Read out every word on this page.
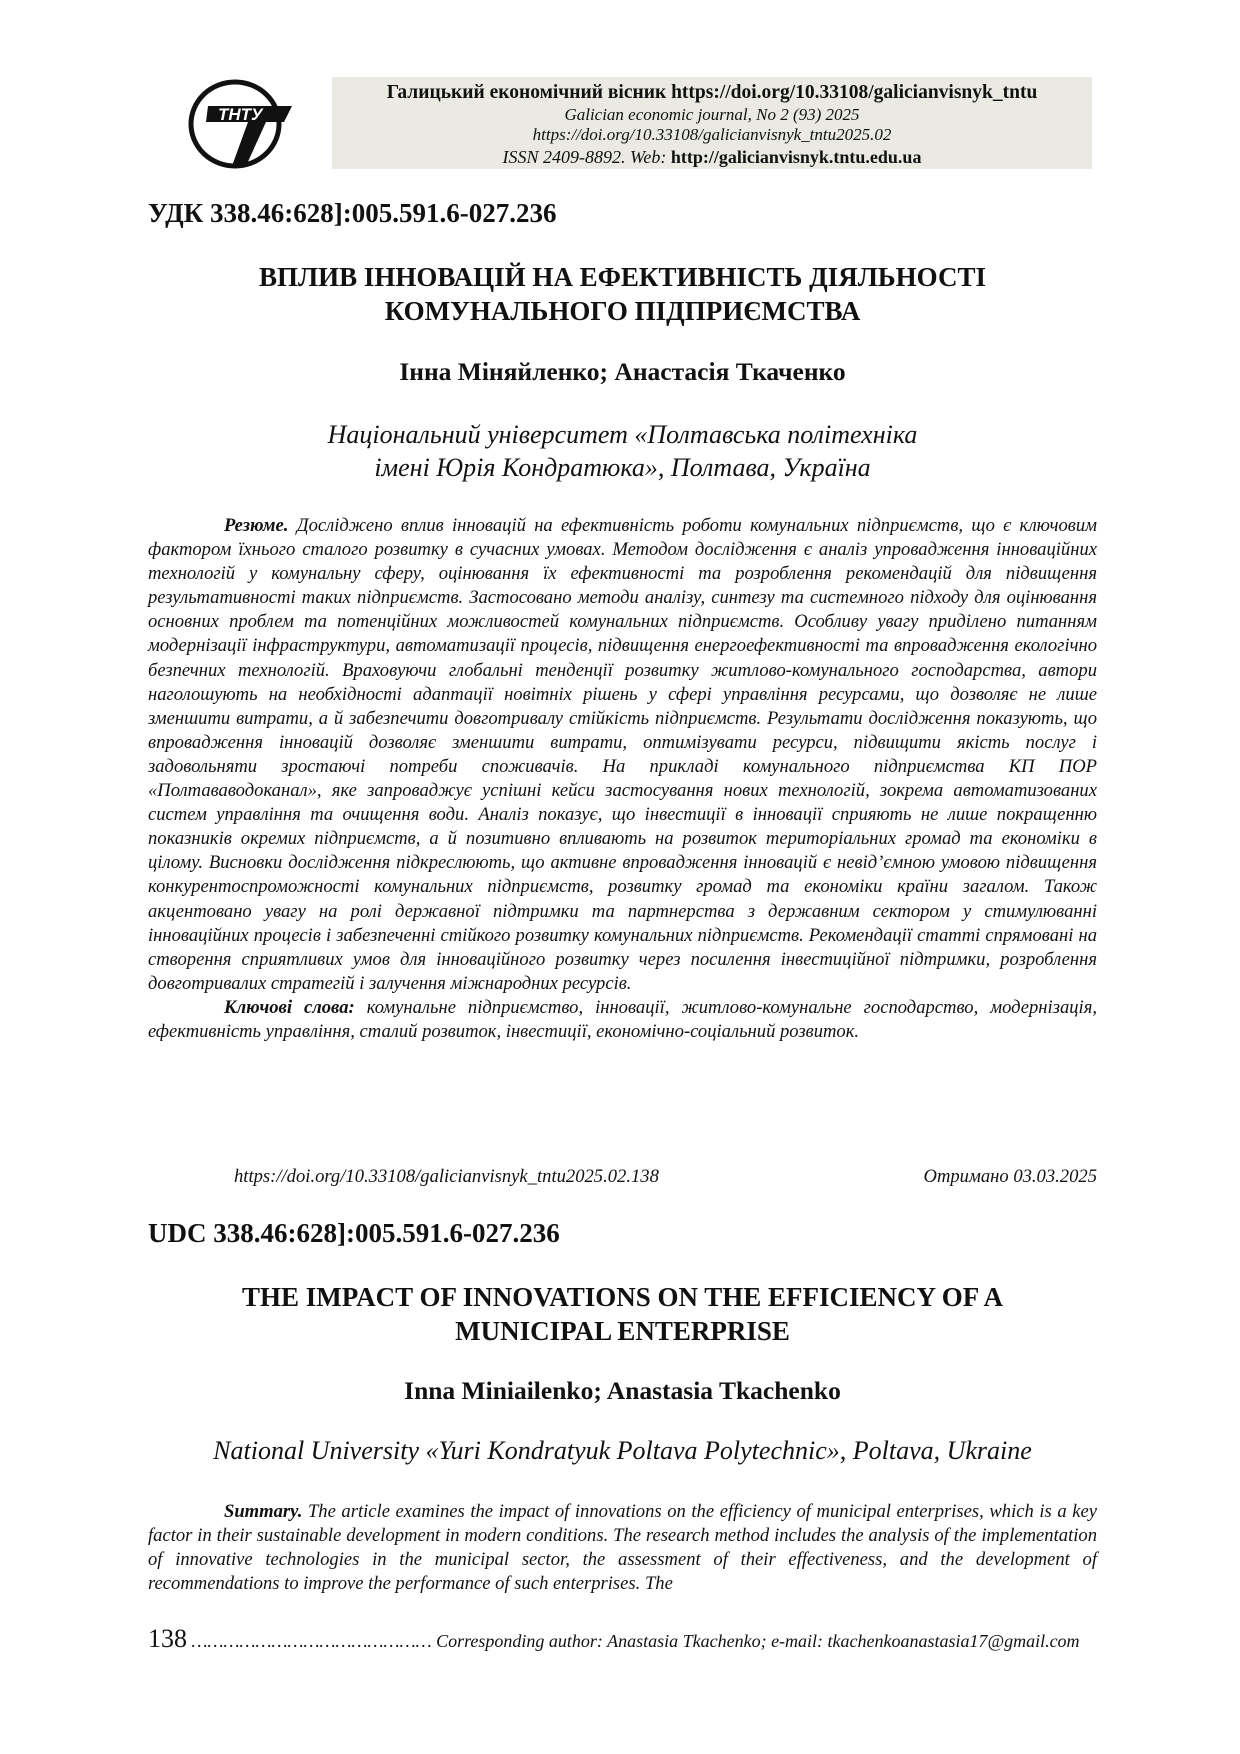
ТНТУ
Галицький економічний вісник https://doi.org/10.33108/galicianvisnyk_tntu
Galician economic journal, No 2 (93) 2025
https://doi.org/10.33108/galicianvisnyk_tntu2025.02
ISSN 2409-8892. Web: http://galicianvisnyk.tntu.edu.ua
УДК 338.46:628]:005.591.6-027.236
ВПЛИВ ІННОВАЦІЙ НА ЕФЕКТИВНІСТЬ ДІЯЛЬНОСТІ
КОМУНАЛЬНОГО ПІДПРИЄМСТВА
Інна Міняйленко; Анастасія Ткаченко
Національний університет «Полтавська політехніка
імені Юрія Кондратюка», Полтава, Україна

Резюме. Досліджено вплив інновацій на ефективність роботи комунальних підприємств, що є ключовим фактором їхнього сталого розвитку в сучасних умовах. Методом дослідження є аналіз упровадження інноваційних технологій у комунальну сферу, оцінювання їх ефективності та розроблення рекомендацій для підвищення результативності таких підприємств. Застосовано методи аналізу, синтезу та системного підходу для оцінювання основних проблем та потенційних можливостей комунальних підприємств. Особливу увагу приділено питанням модернізації інфраструктури, автоматизації процесів, підвищення енергоефективності та впровадження екологічно безпечних технологій. Враховуючи глобальні тенденції розвитку житлово-комунального господарства, автори наголошують на необхідності адаптації новітніх рішень у сфері управління ресурсами, що дозволяє не лише зменшити витрати, а й забезпечити довготривалу стійкість підприємств. Результати дослідження показують, що впровадження інновацій дозволяє зменшити витрати, оптимізувати ресурси, підвищити якість послуг і задовольняти зростаючі потреби споживачів. На прикладі комунального підприємства КП ПОР «Полтававодоканал», яке запроваджує успішні кейси застосування нових технологій, зокрема автоматизованих систем управління та очищення води. Аналіз показує, що інвестиції в інновації сприяють не лише покращенню показників окремих підприємств, а й позитивно впливають на розвиток територіальних громад та економіки в цілому. Висновки дослідження підкреслюють, що активне впровадження інновацій є невід’ємною умовою підвищення конкурентоспроможності комунальних підприємств, розвитку громад та економіки країни загалом. Також акцентовано увагу на ролі державної підтримки та партнерства з державним сектором у стимулюванні інноваційних процесів і забезпеченні стійкого розвитку комунальних підприємств. Рекомендації статті спрямовані на створення сприятливих умов для інноваційного розвитку через посилення інвестиційної підтримки, розроблення довготривалих стратегій і залучення міжнародних ресурсів.

Ключові слова: комунальне підприємство, інновації, житлово-комунальне господарство, модернізація, ефективність управління, сталий розвиток, інвестиції, економічно-соціальний розвиток.

https://doi.org/10.33108/galicianvisnyk_tntu2025.02.138	Отримано 03.03.2025
UDC 338.46:628]:005.591.6-027.236
THE IMPACT OF INNOVATIONS ON THE EFFICIENCY OF A
MUNICIPAL ENTERPRISE
Inna Miniailenko; Anastasia Tkachenko
National University «Yuri Kondratyuk Poltava Polytechnic», Poltava, Ukraine

Summary. The article examines the impact of innovations on the efficiency of municipal enterprises, which is a key factor in their sustainable development in modern conditions. The research method includes the analysis of the implementation of innovative technologies in the municipal sector, the assessment of their effectiveness, and the development of recommendations to improve the performance of such enterprises. The

138 ……………………………………… Corresponding author: Anastasia Tkachenko; e-mail: tkachenkoanastasia17@gmail.com
